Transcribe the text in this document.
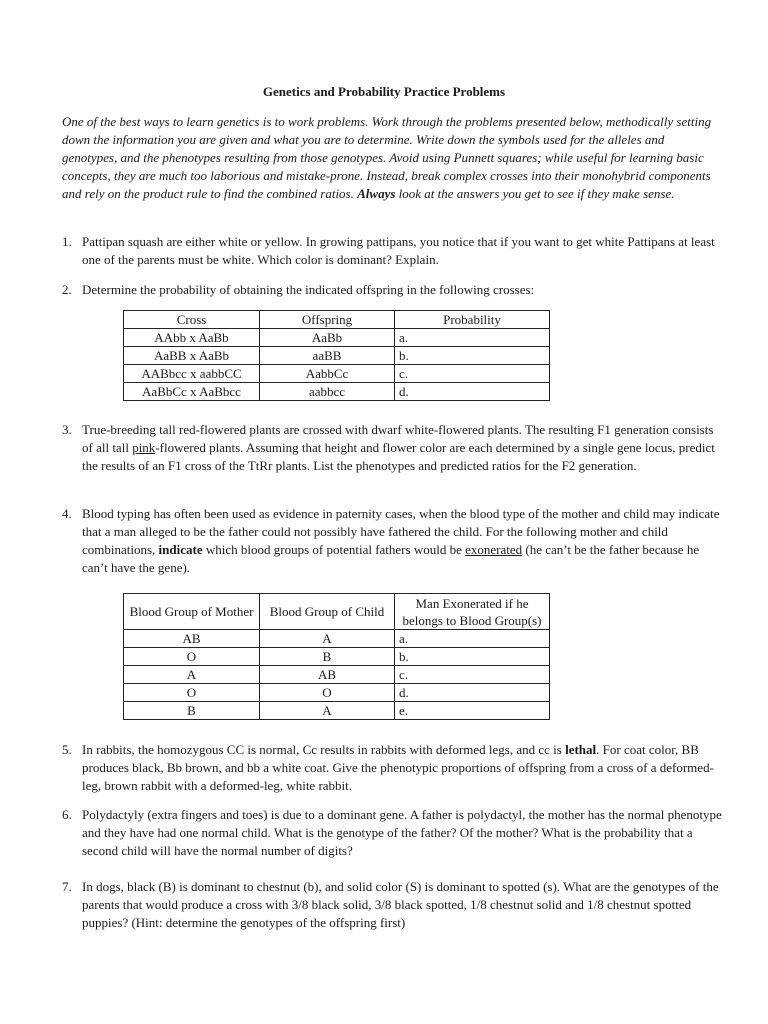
Genetics and Probability Practice Problems
One of the best ways to learn genetics is to work problems. Work through the problems presented below, methodically setting down the information you are given and what you are to determine. Write down the symbols used for the alleles and genotypes, and the phenotypes resulting from those genotypes. Avoid using Punnett squares; while useful for learning basic concepts, they are much too laborious and mistake-prone. Instead, break complex crosses into their monohybrid components and rely on the product rule to find the combined ratios. Always look at the answers you get to see if they make sense.
1. Pattipan squash are either white or yellow. In growing pattipans, you notice that if you want to get white Pattipans at least one of the parents must be white. Which color is dominant? Explain.
2. Determine the probability of obtaining the indicated offspring in the following crosses:
Cross	Offspring	Probability
AAbb x AaBb	AaBb	a.
AaBB x AaBb	aaBB	b.
AABbcc x aabbCC	AabbCc	c.
AaBbCc x AaBbcc	aabbcc	d.
3. True-breeding tall red-flowered plants are crossed with dwarf white-flowered plants. The resulting F1 generation consists of all tall pink-flowered plants. Assuming that height and flower color are each determined by a single gene locus, predict the results of an F1 cross of the TtRr plants. List the phenotypes and predicted ratios for the F2 generation.
4. Blood typing has often been used as evidence in paternity cases, when the blood type of the mother and child may indicate that a man alleged to be the father could not possibly have fathered the child. For the following mother and child combinations, indicate which blood groups of potential fathers would be exonerated (he can’t be the father because he can’t have the gene).
Blood Group of Mother	Blood Group of Child	Man Exonerated if he belongs to Blood Group(s)
AB	A	a.
O	B	b.
A	AB	c.
O	O	d.
B	A	e.
5. In rabbits, the homozygous CC is normal, Cc results in rabbits with deformed legs, and cc is lethal. For coat color, BB produces black, Bb brown, and bb a white coat. Give the phenotypic proportions of offspring from a cross of a deformed-leg, brown rabbit with a deformed-leg, white rabbit.
6. Polydactyly (extra fingers and toes) is due to a dominant gene. A father is polydactyl, the mother has the normal phenotype and they have had one normal child. What is the genotype of the father? Of the mother? What is the probability that a second child will have the normal number of digits?
7. In dogs, black (B) is dominant to chestnut (b), and solid color (S) is dominant to spotted (s). What are the genotypes of the parents that would produce a cross with 3/8 black solid, 3/8 black spotted, 1/8 chestnut solid and 1/8 chestnut spotted puppies? (Hint: determine the genotypes of the offspring first)
